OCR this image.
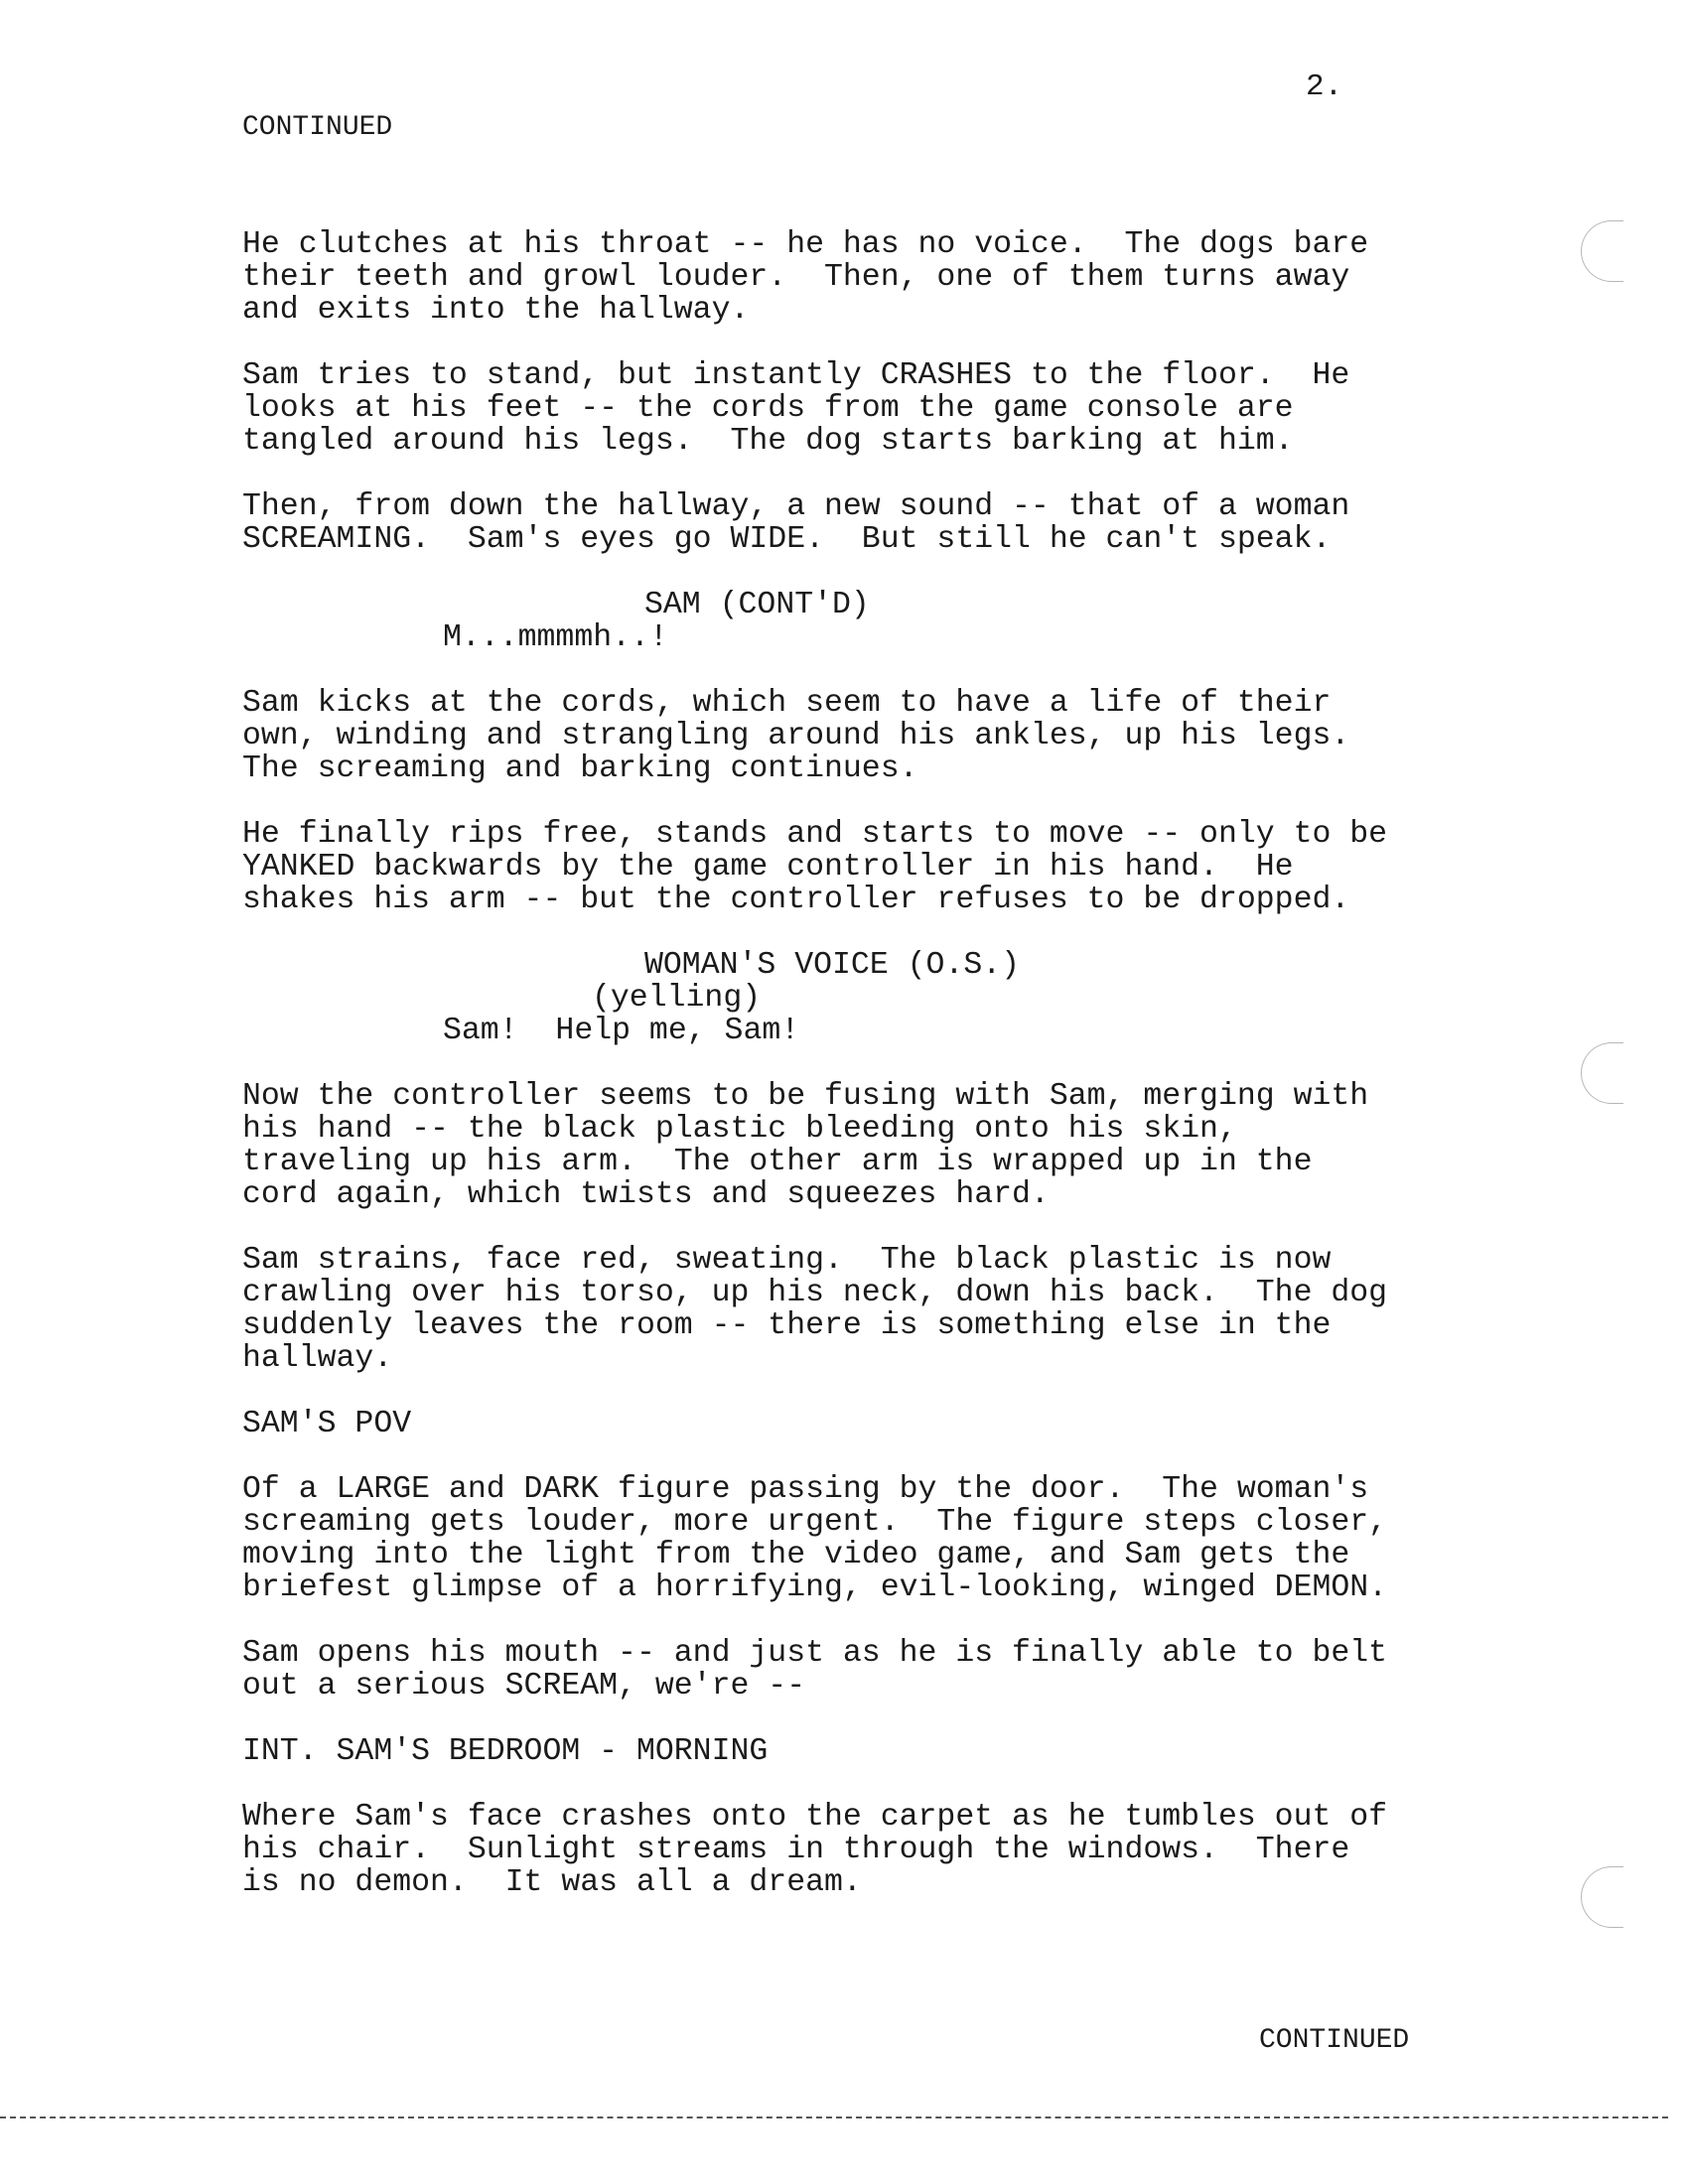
2.
CONTINUED
He clutches at his throat -- he has no voice.  The dogs bare
their teeth and growl louder.  Then, one of them turns away
and exits into the hallway.
Sam tries to stand, but instantly CRASHES to the floor.  He
looks at his feet -- the cords from the game console are
tangled around his legs.  The dog starts barking at him.
Then, from down the hallway, a new sound -- that of a woman
SCREAMING.  Sam's eyes go WIDE.  But still he can't speak.
SAM (CONT'D)
M...mmmmh..!
Sam kicks at the cords, which seem to have a life of their
own, winding and strangling around his ankles, up his legs.
The screaming and barking continues.
He finally rips free, stands and starts to move -- only to be
YANKED backwards by the game controller in his hand.  He
shakes his arm -- but the controller refuses to be dropped.
WOMAN'S VOICE (O.S.)
(yelling)
Sam!  Help me, Sam!
Now the controller seems to be fusing with Sam, merging with
his hand -- the black plastic bleeding onto his skin,
traveling up his arm.  The other arm is wrapped up in the
cord again, which twists and squeezes hard.
Sam strains, face red, sweating.  The black plastic is now
crawling over his torso, up his neck, down his back.  The dog
suddenly leaves the room -- there is something else in the
hallway.
SAM'S POV
Of a LARGE and DARK figure passing by the door.  The woman's
screaming gets louder, more urgent.  The figure steps closer,
moving into the light from the video game, and Sam gets the
briefest glimpse of a horrifying, evil-looking, winged DEMON.
Sam opens his mouth -- and just as he is finally able to belt
out a serious SCREAM, we're --
INT. SAM'S BEDROOM - MORNING
Where Sam's face crashes onto the carpet as he tumbles out of
his chair.  Sunlight streams in through the windows.  There
is no demon.  It was all a dream.
CONTINUED
